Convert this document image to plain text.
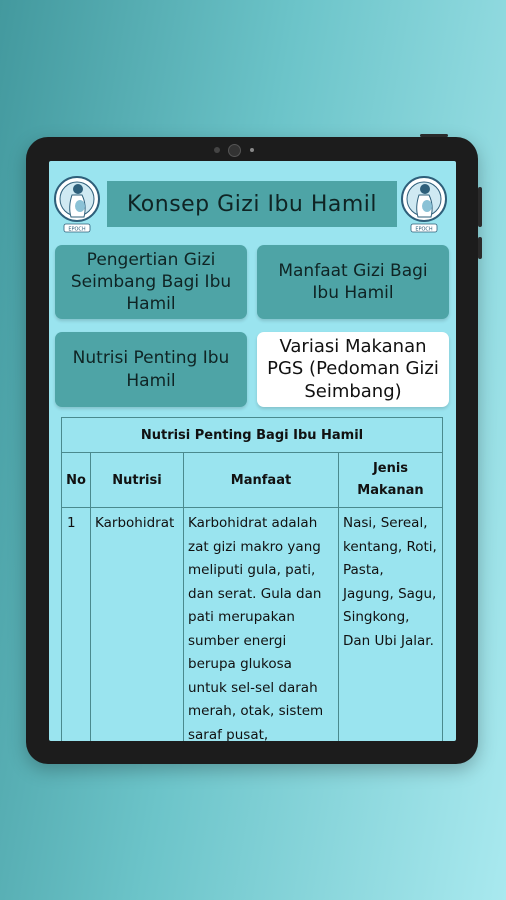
EPOCH
Konsep Gizi Ibu Hamil
EPOCH
Pengertian Gizi Seimbang Bagi Ibu Hamil
Manfaat Gizi Bagi Ibu Hamil
Nutrisi Penting Ibu Hamil
Variasi Makanan PGS (Pedoman Gizi Seimbang)
Nutrisi Penting Bagi Ibu Hamil			
No	Nutrisi	Manfaat	Jenis Makanan
1	Karbohidrat	Karbohidrat adalah zat gizi makro yang meliputi gula, pati, dan serat. Gula dan pati merupakan sumber energi berupa glukosa untuk sel-sel darah merah, otak, sistem saraf pusat,	Nasi, Sereal, kentang, Roti, Pasta, Jagung, Sagu, Singkong, Dan Ubi Jalar.
